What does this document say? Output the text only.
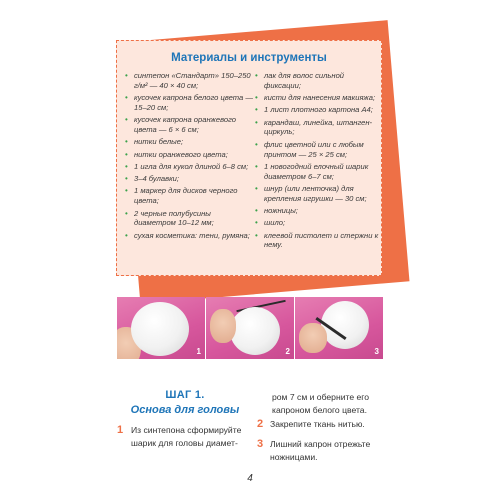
Материалы и инструменты
• синтепон «Стандарт» 150–250 г/м² — 40 × 40 см;
• кусочек капрона белого цвета — 15–20 см;
• кусочек капрона оранжевого цвета — 6 × 6 см;
• нитки белые;
• нитки оранжевого цвета;
• 1 игла для кукол длиной 6–8 см;
• 3–4 булавки;
• 1 маркер для дисков черного цвета;
• 2 черные полубусины диаметром 10–12 мм;
• сухая косметика: тени, румяна;
• лак для волос сильной фиксации;
• кисти для нанесения макияжа;
• 1 лист плотного картона А4;
• карандаш, линейка, штанген-циркуль;
• флис цветной или с любым принтом — 25 × 25 см;
• 1 новогодний елочный шарик диаметром 6–7 см;
• шнур (или ленточка) для крепления игрушки — 30 см;
• ножницы;
• шило;
• клеевой пистолет и стержни к нему.
1	2	3
ШАГ 1.
Основа для головы
1 Из синтепона сформируйте шарик для головы диамет-
ром 7 см и оберните его капроном белого цвета.
2 Закрепите ткань нитью.
3 Лишний капрон отрежьте ножницами.
4
